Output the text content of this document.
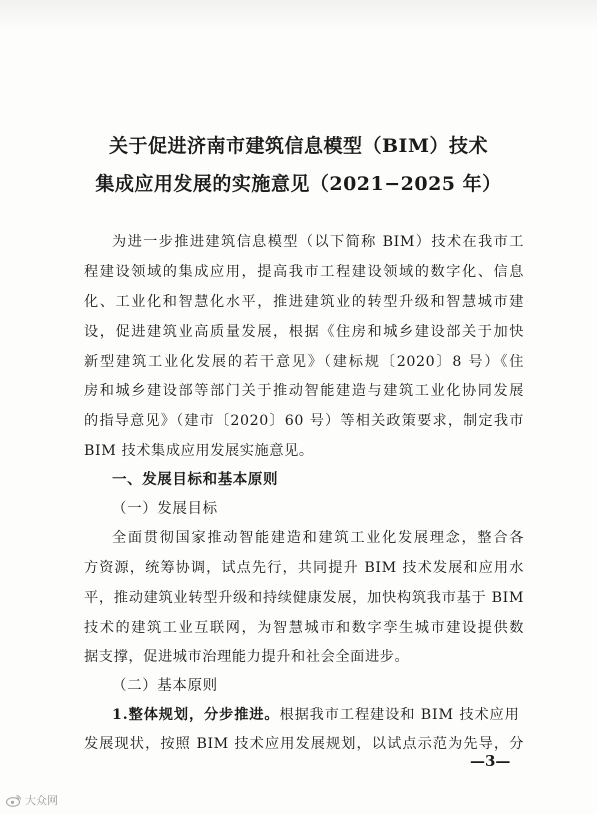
关于促进济南市建筑信息模型（BIM）技术
集成应用发展的实施意见（2021−2025 年）
为进一步推进建筑信息模型（以下简称 BIM）技术在我市工
程建设领域的集成应用，提高我市工程建设领域的数字化、信息
化、工业化和智慧化水平，推进建筑业的转型升级和智慧城市建
设，促进建筑业高质量发展，根据《住房和城乡建设部关于加快
新型建筑工业化发展的若干意见》（建标规〔2020〕8 号）《住
房和城乡建设部等部门关于推动智能建造与建筑工业化协同发展
的指导意见》（建市〔2020〕60 号）等相关政策要求，制定我市
BIM 技术集成应用发展实施意见。
一、发展目标和基本原则
（一）发展目标
全面贯彻国家推动智能建造和建筑工业化发展理念，整合各
方资源，统筹协调，试点先行，共同提升 BIM 技术发展和应用水
平，推动建筑业转型升级和持续健康发展，加快构筑我市基于 BIM
技术的建筑工业互联网，为智慧城市和数字孪生城市建设提供数
据支撑，促进城市治理能力提升和社会全面进步。
（二）基本原则
1.整体规划，分步推进。根据我市工程建设和 BIM 技术应用
发展现状，按照 BIM 技术应用发展规划，以试点示范为先导，分
—3—
大众网
